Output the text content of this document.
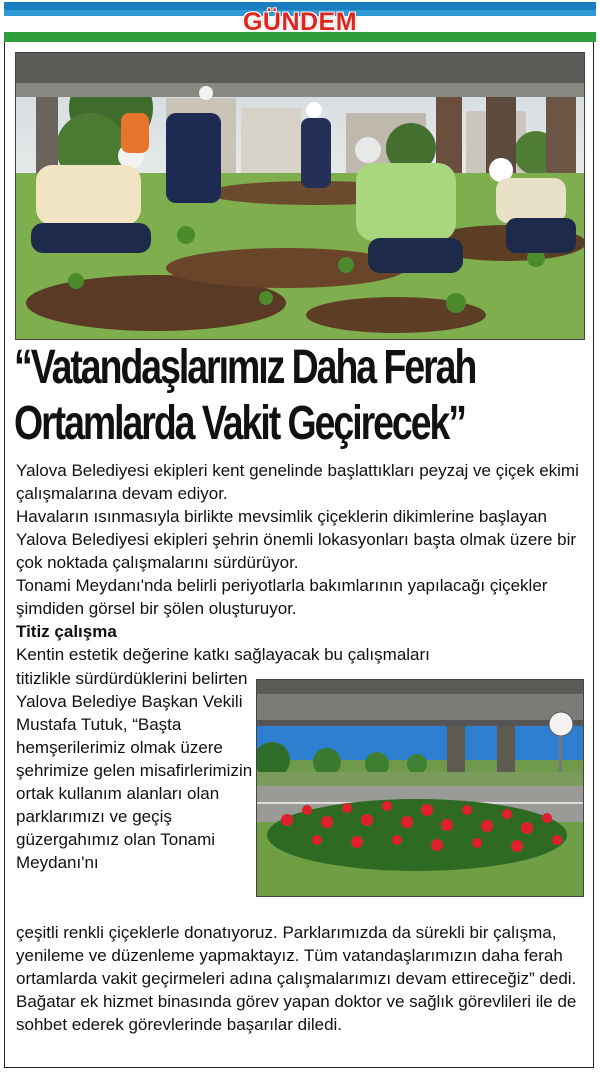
GÜNDEM
“Vatandaşlarımız Daha Ferah Ortamlarda Vakit Geçirecek”

Yalova Belediyesi ekipleri kent genelinde başlattıkları peyzaj ve çiçek ekimi çalışmalarına devam ediyor.

Havaların ısınmasıyla birlikte mevsimlik çiçeklerin dikimlerine başlayan Yalova Belediyesi ekipleri şehrin önemli lokasyonları başta olmak üzere bir çok noktada çalışmalarını sürdürüyor.

Tonami Meydanı'nda belirli periyotlarla bakımlarının yapılacağı çiçekler şimdiden görsel bir şölen oluşturuyor.

Titiz çalışma

Kentin estetik değerine katkı sağlayacak bu çalışmaları

titizlikle sürdürdüklerini belirten Yalova Belediye Başkan Vekili Mustafa Tutuk, “Başta hemşerilerimiz olmak üzere şehrimize gelen misafirlerimizin ortak kullanım alanları olan parklarımızı ve geçiş güzergahımız olan Tonami Meydanı'nı

çeşitli renkli çiçeklerle donatıyoruz. Parklarımızda da sürekli bir çalışma, yenileme ve düzenleme yapmaktayız. Tüm vatandaşlarımızın daha ferah ortamlarda vakit geçirmeleri adına çalışmalarımızı devam ettireceğiz” dedi.

Bağatar ek hizmet binasında görev yapan doktor ve sağlık görevlileri ile de sohbet ederek görevlerinde başarılar diledi.
